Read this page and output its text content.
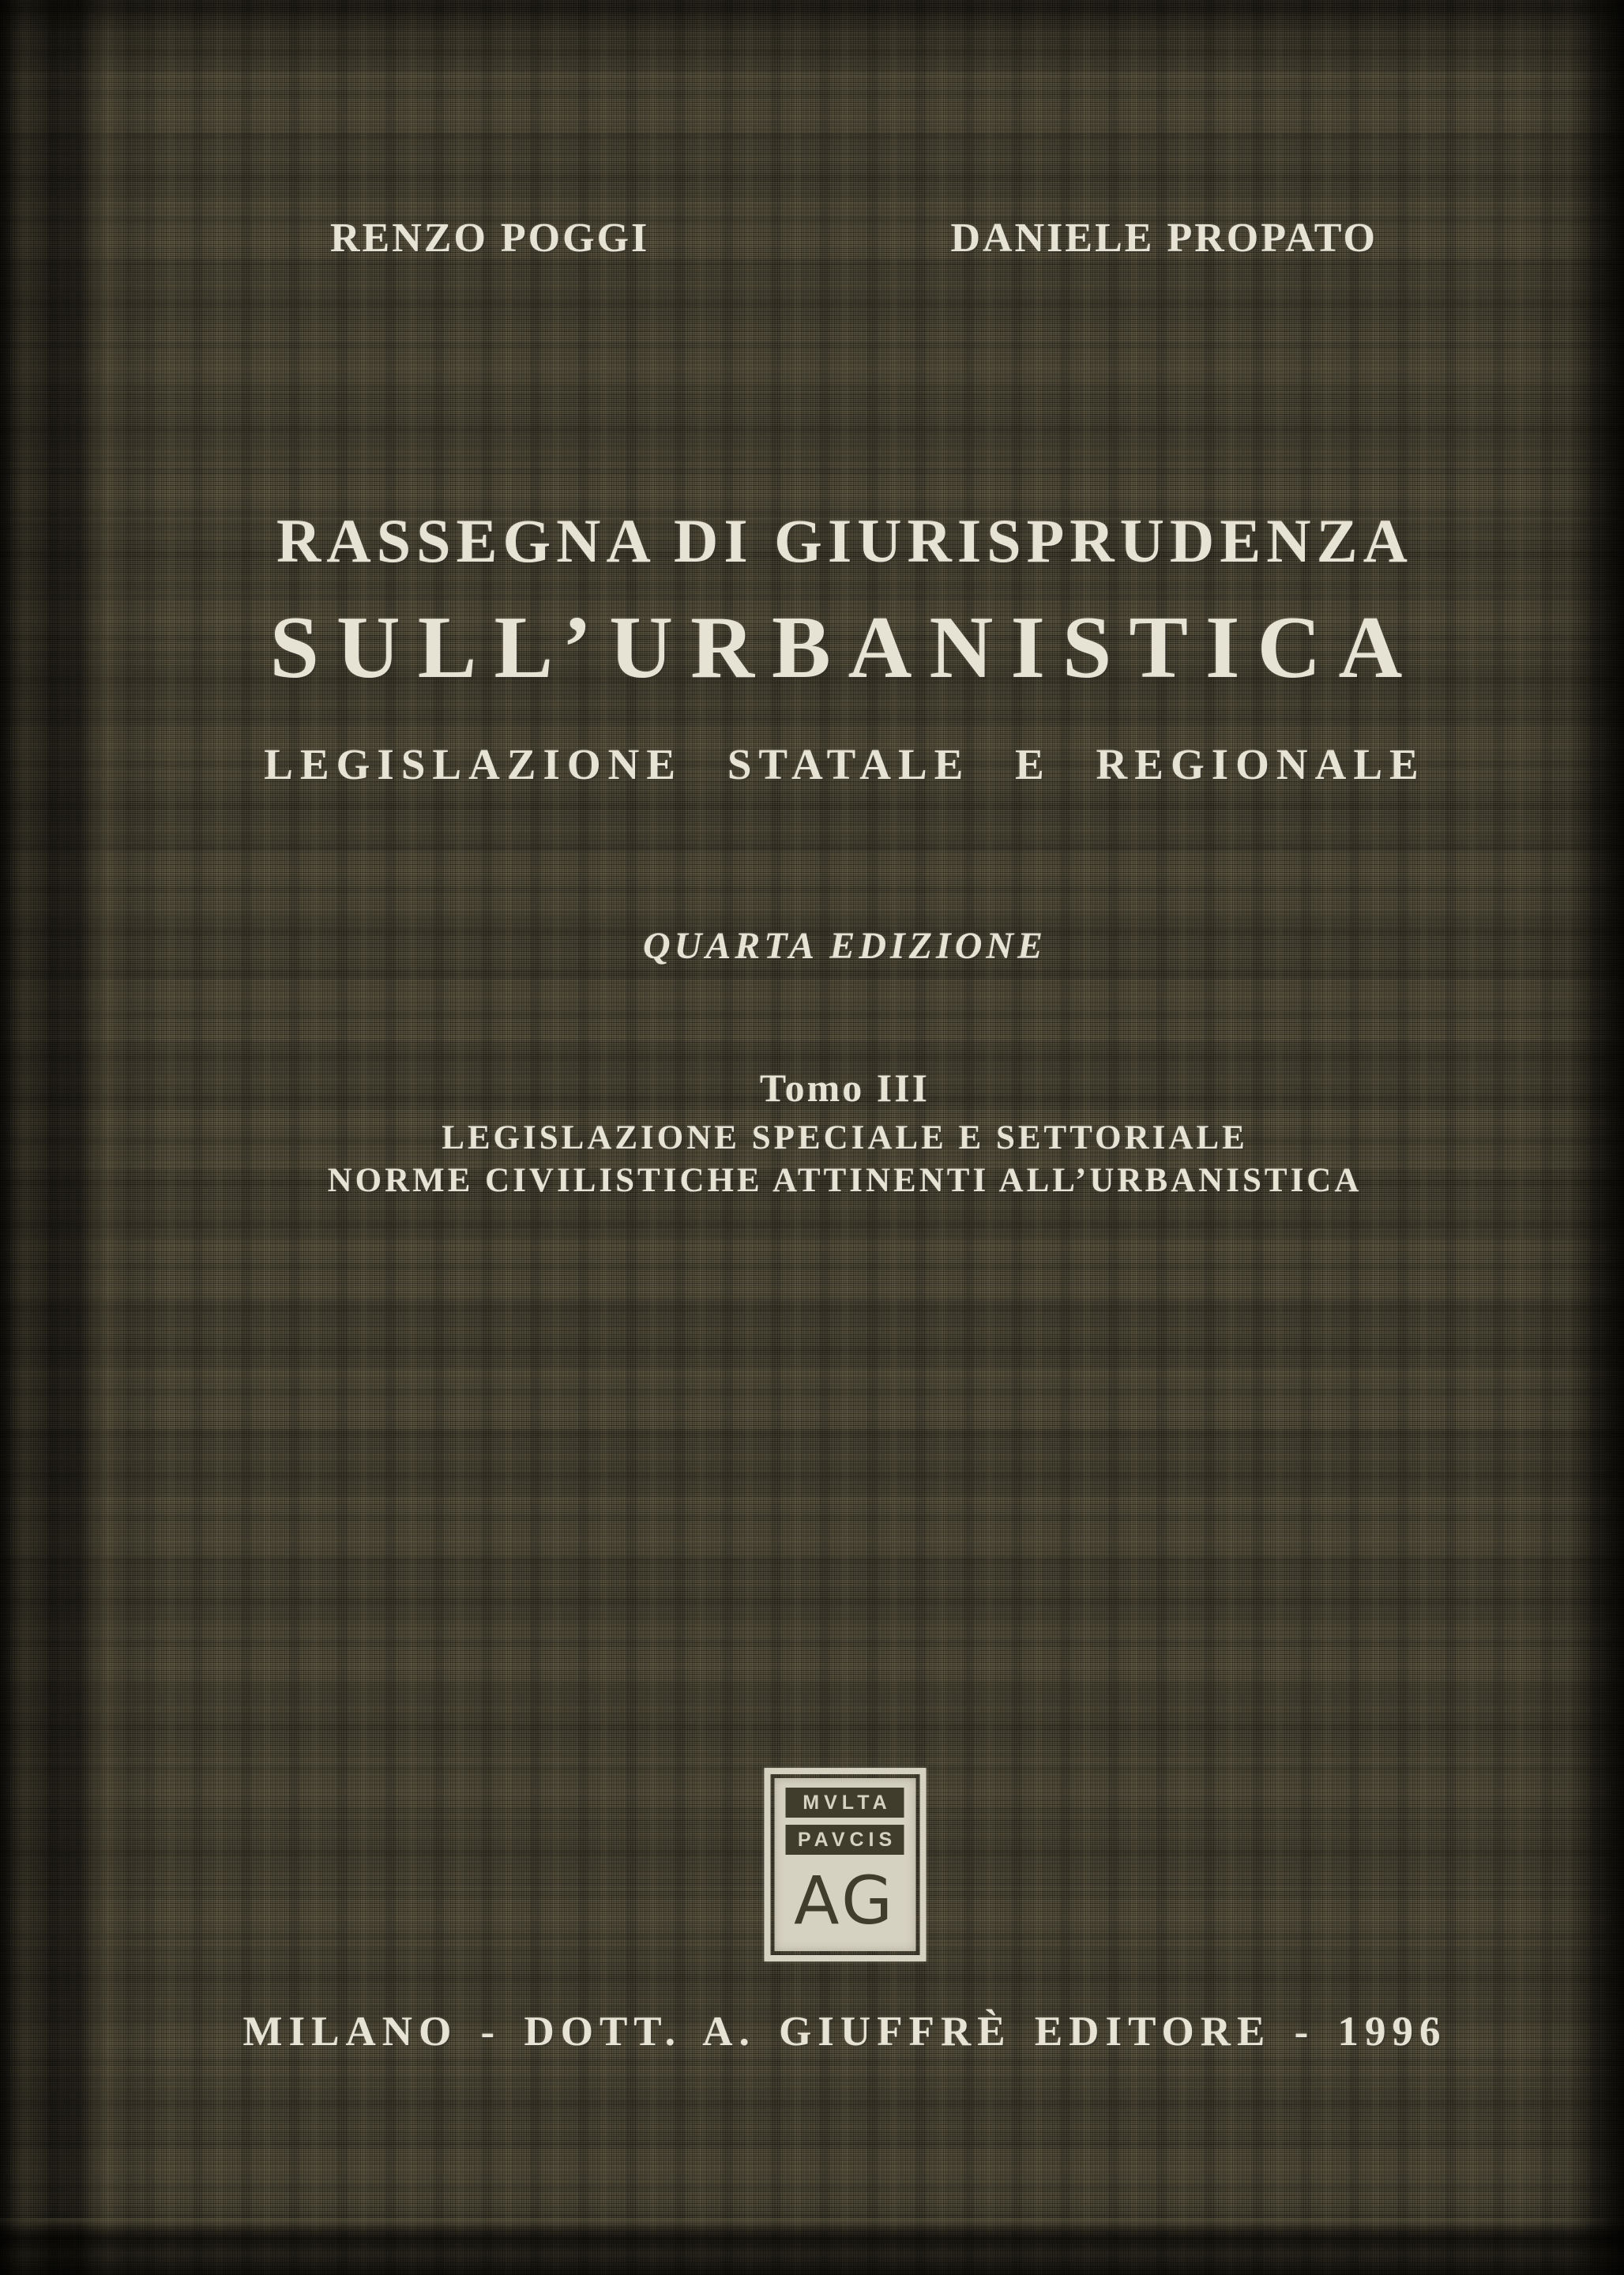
RENZO POGGI	DANIELE PROPATO
RASSEGNA DI GIURISPRUDENZA
SULL’URBANISTICA
LEGISLAZIONE STATALE E REGIONALE
QUARTA EDIZIONE
Tomo III
LEGISLAZIONE SPECIALE E SETTORIALE
NORME CIVILISTICHE ATTINENTI ALL’URBANISTICA
MVLTA
PAVCIS
AG
MILANO - DOTT. A. GIUFFRÈ EDITORE - 1996
